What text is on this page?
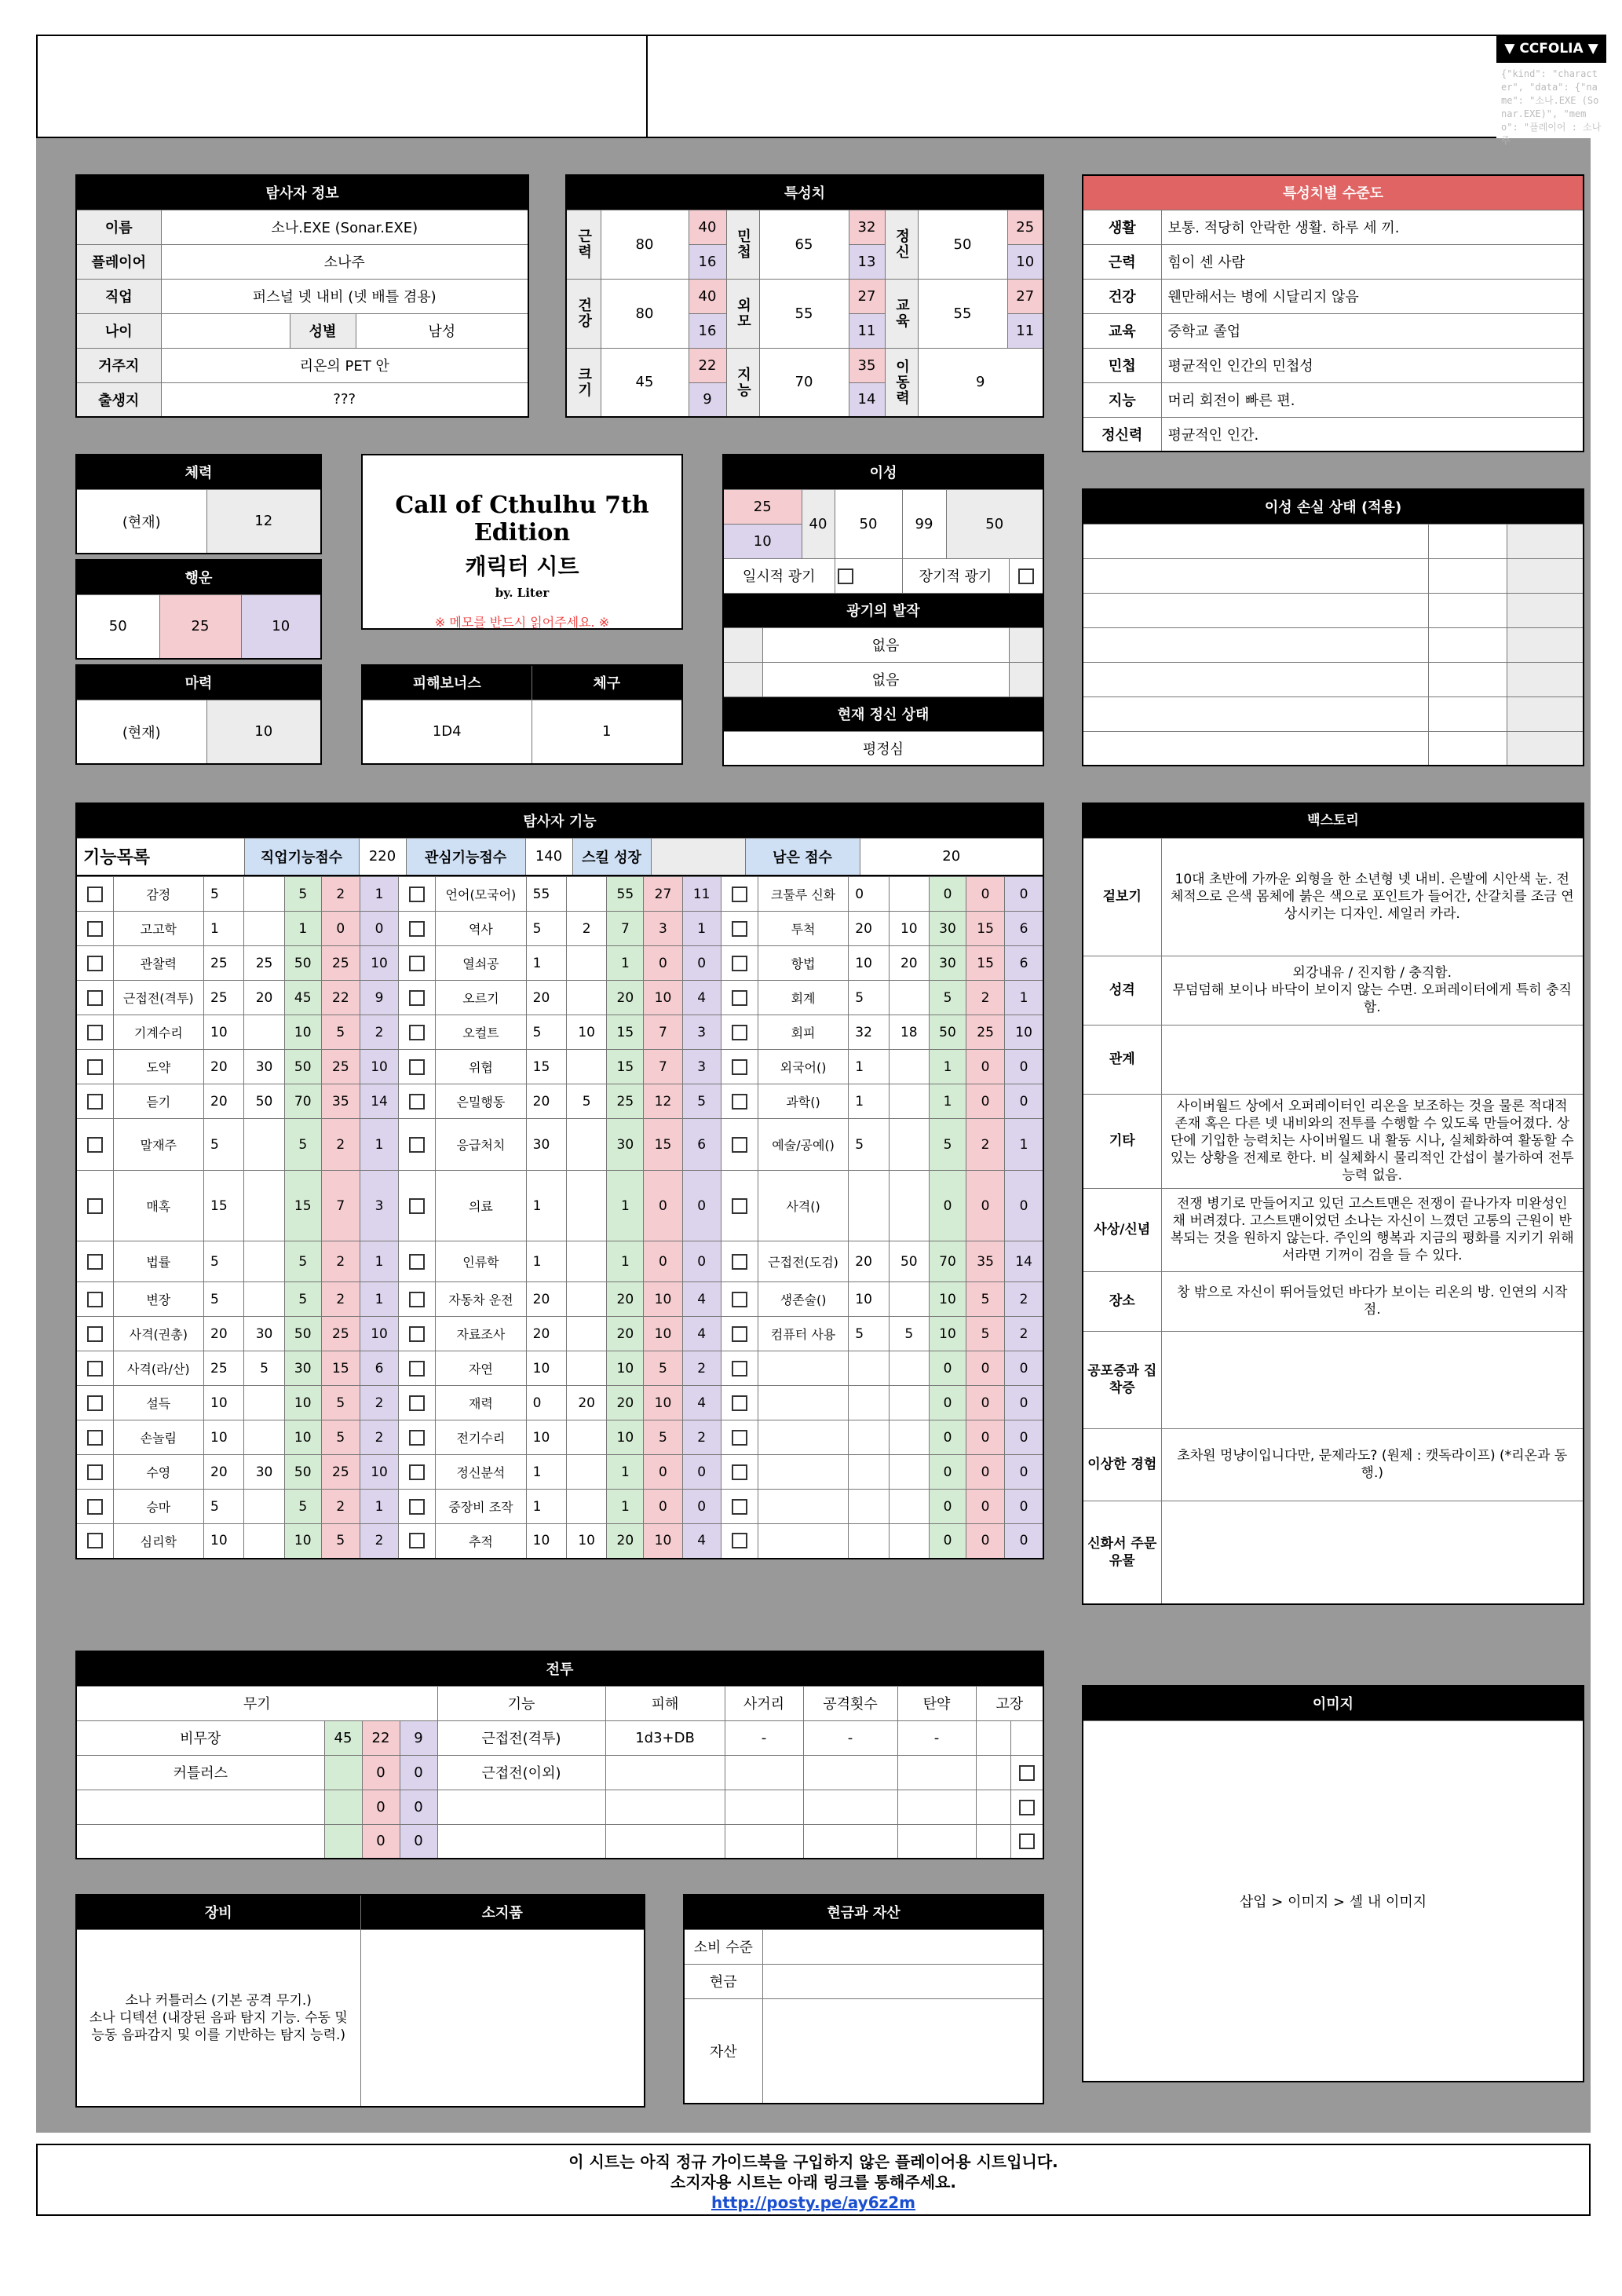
▼ CCFOLIA ▼
{"kind": "character", "data": {"name": "소나.EXE (Sonar.EXE)", "memo": "플레이어 : 소나주
탐사자 정보			
이름	소나.EXE (Sonar.EXE)		
플레이어	소나주		
직업	퍼스널 넷 내비 (넷 배틀 겸용)		
나이		성별	남성
거주지	리온의 PET 안		
출생지	???		
특성치								
근력	80	40	민첩	65	32	정신	50	25
		16			13			10
건강	80	40	외모	55	27	교육	55	27
		16			11			11
크기	45	22	지능	70	35	이동력	9	
		9			14			
특성치별 수준도	
생활	보통. 적당히 안락한 생활. 하루 세 끼.
근력	힘이 센 사람
건강	웬만해서는 병에 시달리지 않음
교육	중학교 졸업
민첩	평균적인 인간의 민첩성
지능	머리 회전이 빠른 편.
정신력	평균적인 인간.
체력
(현재)	12
행운
50	25	10
마력
(현재)	10
Call of Cthulhu 7th Edition
캐릭터 시트
by. Liter
※ 메모를 반드시 읽어주세요. ※
피해보너스	체구
1D4	1
이성						
25		40	50	99	50	
10						
일시적 광기				장기적 광기		
광기의 발작						
	없음					
	없음					
현재 정신 상태						
평정심						
이성 손실 상태 (적용)		

탐사자 기능
기능목록	직업기능점수	220	관심기능점수	140	스킬 성장		남은 점수	20
	감정	5		5	2	1		언어(모국어)	55		55	27	11		크툴루 신화	0		0	0	0
	고고학	1		1	0	0		역사	5	2	7	3	1		투척	20	10	30	15	6
	관찰력	25	25	50	25	10		열쇠공	1		1	0	0		항법	10	20	30	15	6
	근접전(격투)	25	20	45	22	9		오르기	20		20	10	4		회계	5		5	2	1
	기계수리	10		10	5	2		오컬트	5	10	15	7	3		회피	32	18	50	25	10
	도약	20	30	50	25	10		위협	15		15	7	3		외국어()	1		1	0	0
	듣기	20	50	70	35	14		은밀행동	20	5	25	12	5		과학()	1		1	0	0
	말재주	5		5	2	1		응급처치	30		30	15	6		예술/공예()	5		5	2	1
	매혹	15		15	7	3		의료	1		1	0	0		사격()			0	0	0
	법률	5		5	2	1		인류학	1		1	0	0		근접전(도검)	20	50	70	35	14
	변장	5		5	2	1		자동차 운전	20		20	10	4		생존술()	10		10	5	2
	사격(권총)	20	30	50	25	10		자료조사	20		20	10	4		컴퓨터 사용	5	5	10	5	2
	사격(라/산)	25	5	30	15	6		자연	10		10	5	2					0	0	0
	설득	10		10	5	2		재력	0	20	20	10	4					0	0	0
	손놀림	10		10	5	2		전기수리	10		10	5	2					0	0	0
	수영	20	30	50	25	10		정신분석	1		1	0	0					0	0	0
	승마	5		5	2	1		중장비 조작	1		1	0	0					0	0	0
	심리학	10		10	5	2		추적	10	10	20	10	4					0	0	0
전투										
무기				기능	피해	사거리	공격횟수	탄약	고장	
비무장	45	22	9	근접전(격투)	1d3+DB	-	-	-		
커틀러스		0	0	근접전(이외)						
		0	0							
		0	0							
장비	소지품
소나 커틀러스 (기본 공격 무기.)
소나 디텍션 (내장된 음파 탐지 기능. 수동 및 능동 음파감지 및 이를 기반하는 탐지 능력.)	
현금과 자산	
소비 수준	
현금	
자산	
백스토리	
겉보기	10대 초반에 가까운 외형을 한 소년형 넷 내비. 은발에 시안색 눈. 전체적으로 은색 몸체에 붉은 색으로 포인트가 들어간, 산갈치를 조금 연상시키는 디자인. 세일러 카라.
성격	외강내유 / 진지함 / 충직함.
무덤덤해 보이나 바닥이 보이지 않는 수면. 오퍼레이터에게 특히 충직함.
관계	
기타	사이버월드 상에서 오퍼레이터인 리온을 보조하는 것을 물론 적대적 존재 혹은 다른 넷 내비와의 전투를 수행할 수 있도록 만들어졌다. 상단에 기입한 능력치는 사이버월드 내 활동 시나, 실체화하여 활동할 수 있는 상황을 전제로 한다. 비 실체화시 물리적인 간섭이 불가하여 전투능력 없음.
사상/신념	전쟁 병기로 만들어지고 있던 고스트맨은 전쟁이 끝나가자 미완성인 채 버려졌다. 고스트맨이었던 소나는 자신이 느꼈던 고통의 근원이 반복되는 것을 원하지 않는다. 주인의 행복과 지금의 평화를 지키기 위해서라면 기꺼이 검을 들 수 있다.
장소	창 밖으로 자신이 뛰어들었던 바다가 보이는 리온의 방. 인연의 시작점.
공포증과 집착증	
이상한 경험	초차원 멍냥이입니다만, 문제라도? (원제 : 캣독라이프) (*리온과 동행.)
신화서 주문 유물	
이미지
삽입 > 이미지 > 셀 내 이미지
이 시트는 아직 정규 가이드북을 구입하지 않은 플레이어용 시트입니다.
소지자용 시트는 아래 링크를 통해주세요.
http://posty.pe/ay6z2m
